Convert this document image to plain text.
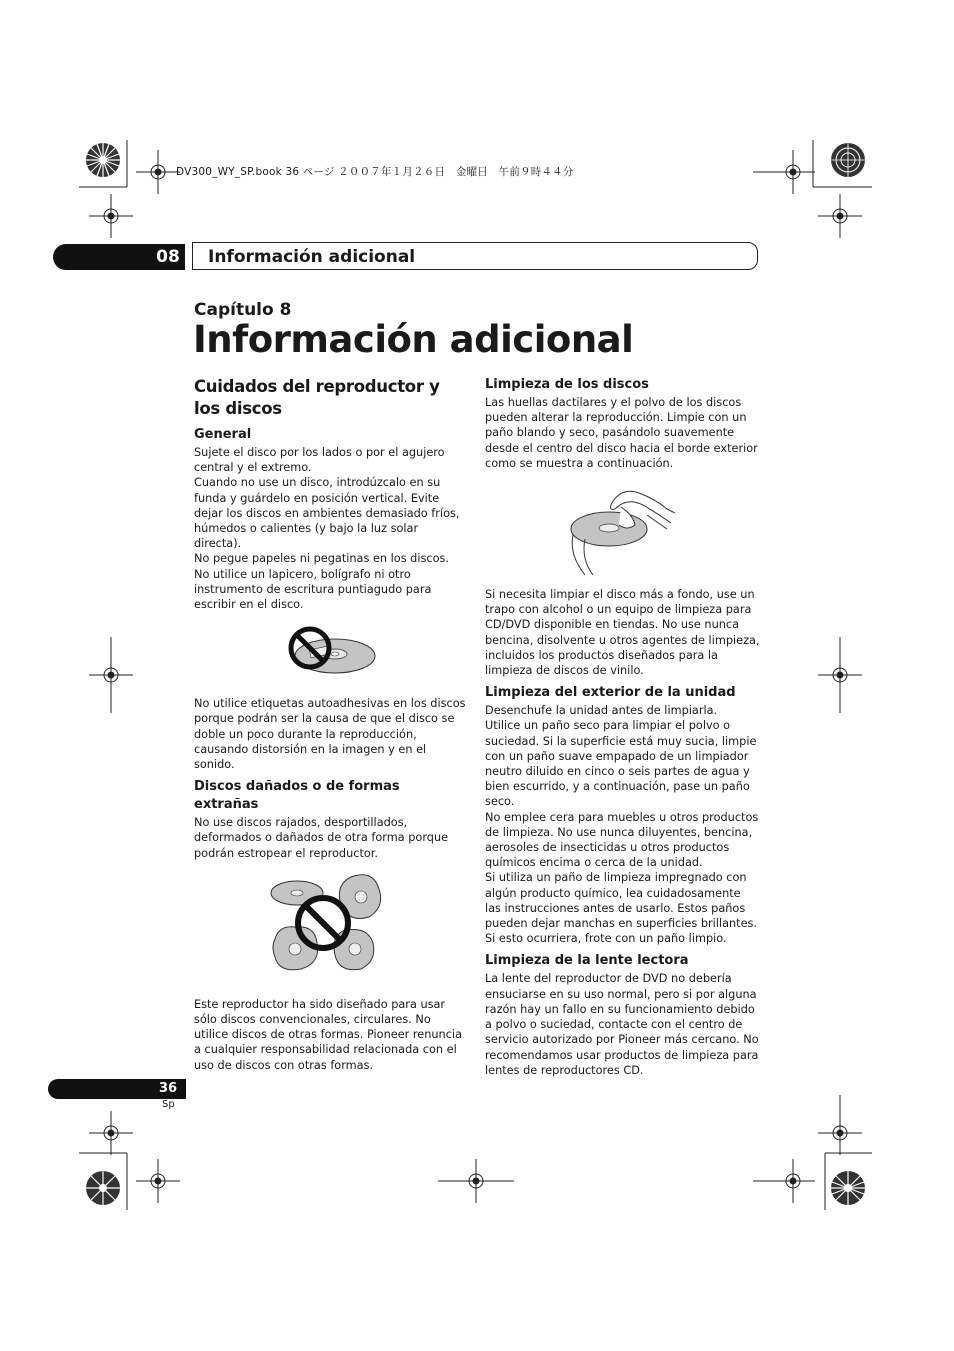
DV300_WY_SP.book 36 ページ ２００７年１月２６日　金曜日　午前９時４４分
08	Información adicional
Capítulo 8
Información adicional
Cuidados del reproductor y los discos
General

Sujete el disco por los lados o por el agujero central y el extremo.

Cuando no use un disco, introdúzcalo en su funda y guárdelo en posición vertical. Evite dejar los discos en ambientes demasiado fríos, húmedos o calientes (y bajo la luz solar directa).

No pegue papeles ni pegatinas en los discos. No utilice un lapicero, bolígrafo ni otro instrumento de escritura puntiagudo para escribir en el disco.

No utilice etiquetas autoadhesivas en los discos porque podrán ser la causa de que el disco se doble un poco durante la reproducción, causando distorsión en la imagen y en el sonido.

Discos dañados o de formas extrañas

No use discos rajados, desportillados, deformados o dañados de otra forma porque podrán estropear el reproductor.

Este reproductor ha sido diseñado para usar sólo discos convencionales, circulares. No utilice discos de otras formas. Pioneer renuncia a cualquier responsabilidad relacionada con el uso de discos con otras formas.

Limpieza de los discos

Las huellas dactilares y el polvo de los discos pueden alterar la reproducción. Limpie con un paño blando y seco, pasándolo suavemente desde el centro del disco hacia el borde exterior como se muestra a continuación.

Si necesita limpiar el disco más a fondo, use un trapo con alcohol o un equipo de limpieza para CD/DVD disponible en tiendas. No use nunca bencina, disolvente u otros agentes de limpieza, incluidos los productos diseñados para la limpieza de discos de vinilo.

Limpieza del exterior de la unidad

Desenchufe la unidad antes de limpiarla.

Utilice un paño seco para limpiar el polvo o suciedad. Si la superficie está muy sucia, limpie con un paño suave empapado de un limpiador neutro diluido en cinco o seis partes de agua y bien escurrido, y a continuación, pase un paño seco.

No emplee cera para muebles u otros productos de limpieza. No use nunca diluyentes, bencina, aerosoles de insecticidas u otros productos químicos encima o cerca de la unidad.

Si utiliza un paño de limpieza impregnado con algún producto químico, lea cuidadosamente las instrucciones antes de usarlo. Estos paños pueden dejar manchas en superficies brillantes. Si esto ocurriera, frote con un paño limpio.

Limpieza de la lente lectora

La lente del reproductor de DVD no debería ensuciarse en su uso normal, pero si por alguna razón hay un fallo en su funcionamiento debido a polvo o suciedad, contacte con el centro de servicio autorizado por Pioneer más cercano. No recomendamos usar productos de limpieza para lentes de reproductores CD.

36
Sp
